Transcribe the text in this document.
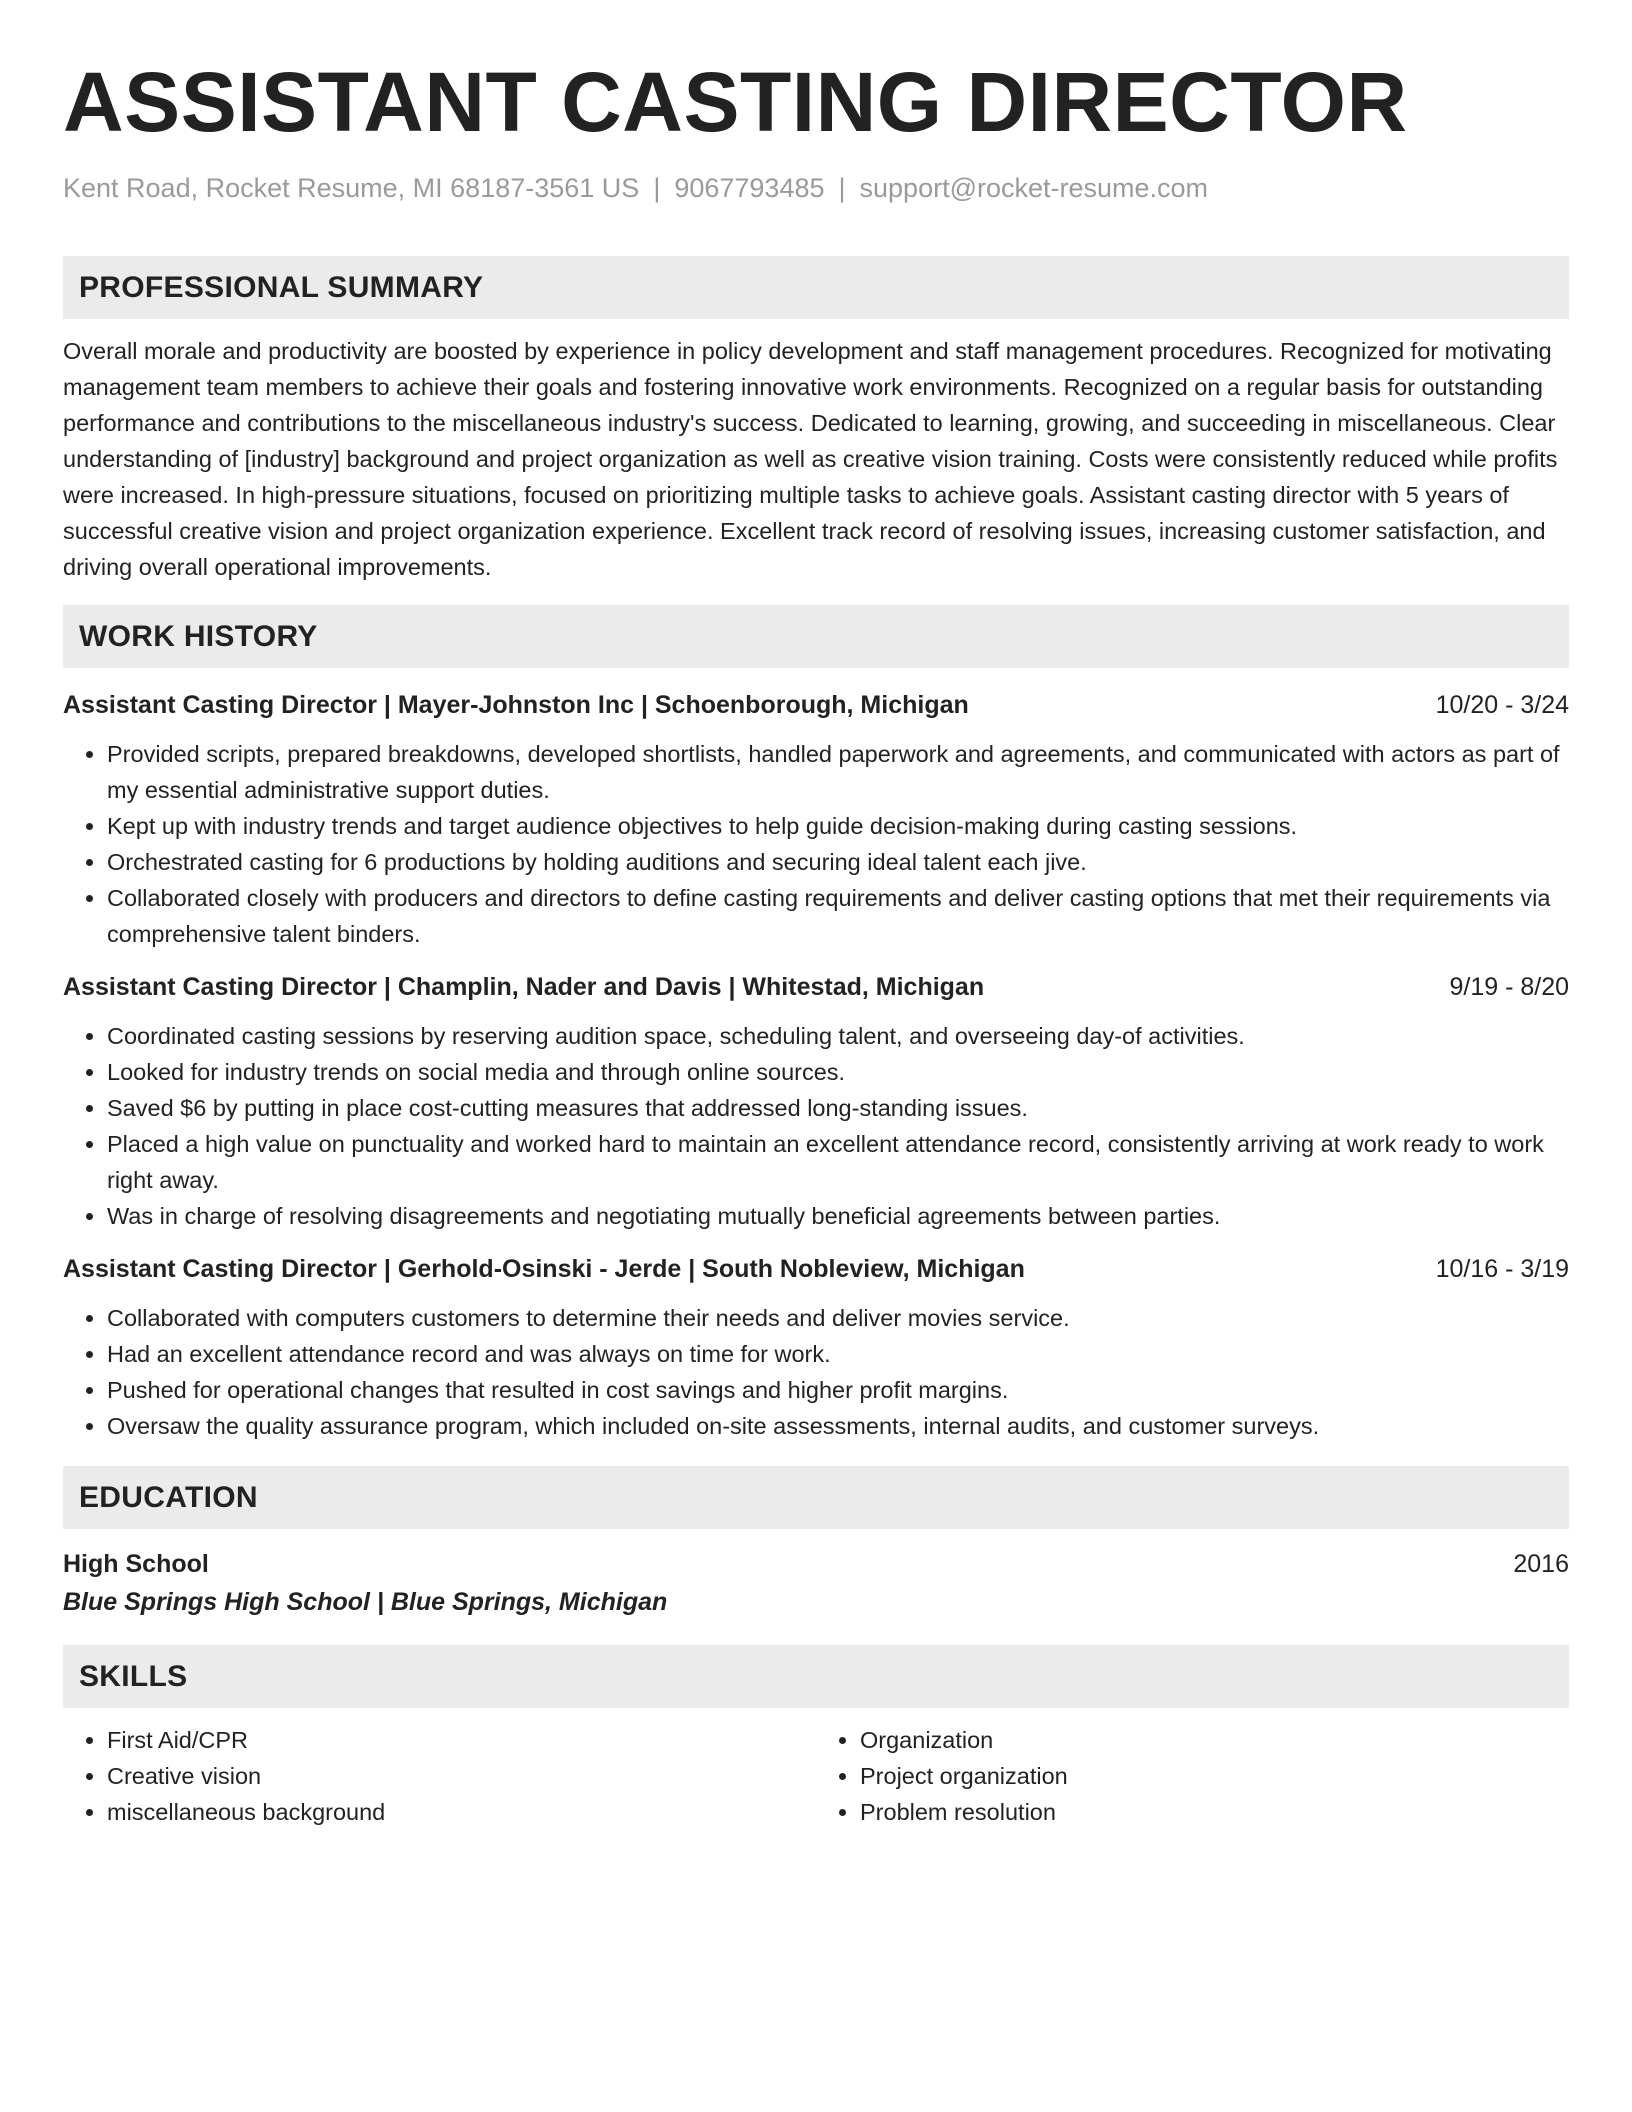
ASSISTANT CASTING DIRECTOR
Kent Road, Rocket Resume, MI 68187-3561 US | 9067793485 | support@rocket-resume.com
PROFESSIONAL SUMMARY

Overall morale and productivity are boosted by experience in policy development and staff management procedures. Recognized for motivating management team members to achieve their goals and fostering innovative work environments. Recognized on a regular basis for outstanding performance and contributions to the miscellaneous industry's success. Dedicated to learning, growing, and succeeding in miscellaneous. Clear understanding of [industry] background and project organization as well as creative vision training. Costs were consistently reduced while profits were increased. In high-pressure situations, focused on prioritizing multiple tasks to achieve goals. Assistant casting director with 5 years of successful creative vision and project organization experience. Excellent track record of resolving issues, increasing customer satisfaction, and driving overall operational improvements.

WORK HISTORY
Assistant Casting Director | Mayer-Johnston Inc | Schoenborough, Michigan	10/20 - 3/24
• Provided scripts, prepared breakdowns, developed shortlists, handled paperwork and agreements, and communicated with actors as part of my essential administrative support duties.
• Kept up with industry trends and target audience objectives to help guide decision-making during casting sessions.
• Orchestrated casting for 6 productions by holding auditions and securing ideal talent each jive.
• Collaborated closely with producers and directors to define casting requirements and deliver casting options that met their requirements via comprehensive talent binders.
Assistant Casting Director | Champlin, Nader and Davis | Whitestad, Michigan	9/19 - 8/20
• Coordinated casting sessions by reserving audition space, scheduling talent, and overseeing day-of activities.
• Looked for industry trends on social media and through online sources.
• Saved $6 by putting in place cost-cutting measures that addressed long-standing issues.
• Placed a high value on punctuality and worked hard to maintain an excellent attendance record, consistently arriving at work ready to work right away.
• Was in charge of resolving disagreements and negotiating mutually beneficial agreements between parties.
Assistant Casting Director | Gerhold-Osinski - Jerde | South Nobleview, Michigan	10/16 - 3/19
• Collaborated with computers customers to determine their needs and deliver movies service.
• Had an excellent attendance record and was always on time for work.
• Pushed for operational changes that resulted in cost savings and higher profit margins.
• Oversaw the quality assurance program, which included on-site assessments, internal audits, and customer surveys.
EDUCATION
High School	2016
Blue Springs High School | Blue Springs, Michigan
SKILLS
• First Aid/CPR
• Creative vision
• miscellaneous background
• Organization
• Project organization
• Problem resolution
